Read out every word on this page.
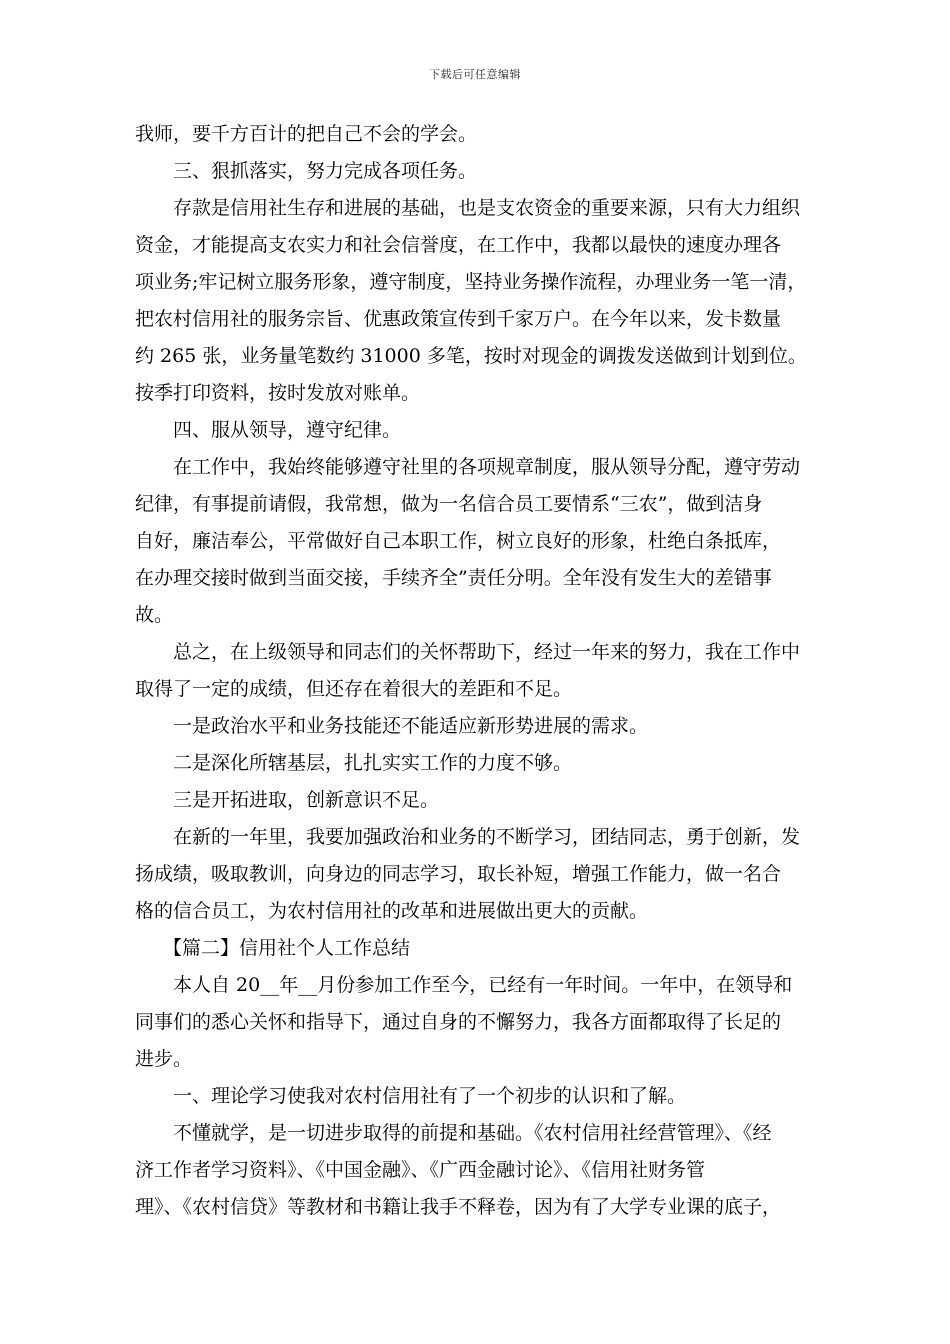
下载后可任意编辑
我师，要千方百计的把自己不会的学会。
三、狠抓落实，努力完成各项任务。
存款是信用社生存和进展的基础，也是支农资金的重要来源，只有大力组织
资金，才能提高支农实力和社会信誉度，在工作中，我都以最快的速度办理各
项业务;牢记树立服务形象，遵守制度，坚持业务操作流程，办理业务一笔一清，
把农村信用社的服务宗旨、优惠政策宣传到千家万户。在今年以来，发卡数量
约 265 张，业务量笔数约 31000 多笔，按时对现金的调拨发送做到计划到位。
按季打印资料，按时发放对账单。
四、服从领导，遵守纪律。
在工作中，我始终能够遵守社里的各项规章制度，服从领导分配，遵守劳动
纪律，有事提前请假，我常想，做为一名信合员工要情系“三农”，做到洁身
自好，廉洁奉公，平常做好自己本职工作，树立良好的形象，杜绝白条抵库，
在办理交接时做到当面交接，手续齐全”责任分明。全年没有发生大的差错事
故。
总之，在上级领导和同志们的关怀帮助下，经过一年来的努力，我在工作中
取得了一定的成绩，但还存在着很大的差距和不足。
一是政治水平和业务技能还不能适应新形势进展的需求。
二是深化所辖基层，扎扎实实工作的力度不够。
三是开拓进取，创新意识不足。
在新的一年里，我要加强政治和业务的不断学习，团结同志，勇于创新，发
扬成绩，吸取教训，向身边的同志学习，取长补短，增强工作能力，做一名合
格的信合员工，为农村信用社的改革和进展做出更大的贡献。
【篇二】信用社个人工作总结
本人自 20__年__月份参加工作至今，已经有一年时间。一年中，在领导和
同事们的悉心关怀和指导下，通过自身的不懈努力，我各方面都取得了长足的
进步。
一、理论学习使我对农村信用社有了一个初步的认识和了解。
不懂就学，是一切进步取得的前提和基础。《农村信用社经营管理》、《经
济工作者学习资料》、《中国金融》、《广西金融讨论》、《信用社财务管
理》、《农村信贷》等教材和书籍让我手不释卷，因为有了大学专业课的底子，
